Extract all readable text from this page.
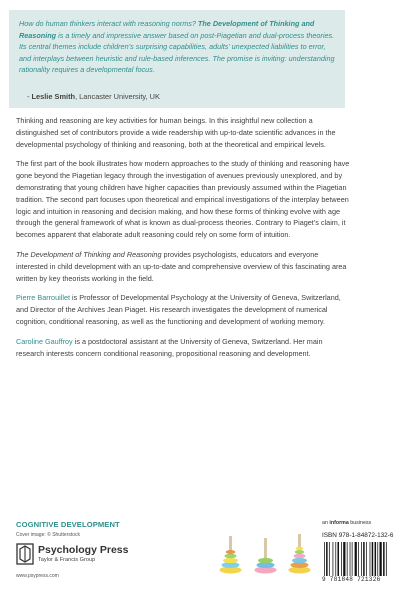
How do human thinkers interact with reasoning norms? The Development of Thinking and Reasoning is a timely and impressive answer based on post-Piagetian and dual-process theories. Its central themes include children’s surprising capabilities, adults’ unexpected liabilities to error, and interplays between heuristic and rule-based inferences. The promise is inviting: understanding rationality requires a developmental focus.

- Leslie Smith, Lancaster University, UK

Thinking and reasoning are key activities for human beings. In this insightful new collection a distinguished set of contributors provide a wide readership with up-to-date scientific advances in the developmental psychology of thinking and reasoning, both at the theoretical and empirical levels.

The first part of the book illustrates how modern approaches to the study of thinking and reasoning have gone beyond the Piagetian legacy through the investigation of avenues previously unexplored, and by demonstrating that young children have higher capacities than previously assumed within the Piagetian tradition. The second part focuses upon theoretical and empirical investigations of the interplay between logic and intuition in reasoning and decision making, and how these forms of thinking evolve with age through the general framework of what is known as dual-process theories. Contrary to Piaget’s claim, it becomes apparent that elaborate adult reasoning could rely on some form of intuition.

The Development of Thinking and Reasoning provides psychologists, educators and everyone interested in child development with an up-to-date and comprehensive overview of this fascinating area written by key theorists working in the field.

Pierre Barrouillet is Professor of Developmental Psychology at the University of Geneva, Switzerland, and Director of the Archives Jean Piaget. His research investigates the development of numerical cognition, conditional reasoning, as well as the functioning and development of working memory.

Caroline Gauffroy is a postdoctoral assistant at the University of Geneva, Switzerland. Her main research interests concern conditional reasoning, propositional reasoning and development.

COGNITIVE DEVELOPMENT
Cover image: © Shutterstock
Psychology Press
Taylor & Francis Group
www.psypress.com
an informa business
ISBN 978-1-84872-132-6
9 781848 721326
